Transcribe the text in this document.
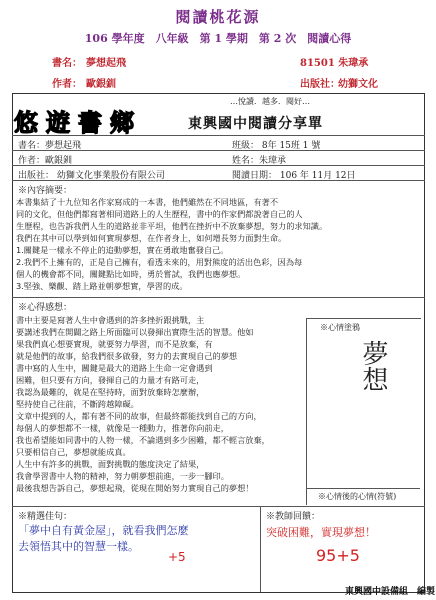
閱讀桃花源
106 學年度　八年級　第 1 學期　第 2 次　閱讀心得
書名： 夢想起飛	81501 朱瑋承
作者： 歐銀釧	出版社：
幼獅文化
…悅讀．越多．閱好…
悠遊書鄉	東興國中閱讀分享單
書名：夢想起飛	班級： 8年 15班 1 號
作者：歐銀釧	姓名：朱瑋承
出版社： 幼獅文化事業股份有限公司	閱讀日期： 106 年 11月 12日
※內容摘要：
本書集結了十九位知名作家寫成的一本書，他們雖然在不同地區，有著不
同的文化，但他們都寫著相同道路上的人生歷程，書中的作家們都說著自己的人
生歷程，也告訴我們人生的道路並非平坦，他們在挫折中不放棄夢想，努力的求知識。
我們在其中可以學到如何實現夢想，在作者身上，如何增長努力面對生命。
1.關鍵是一樣永不停止的追動夢想，實在勇敢地奮發自己。
2.我們不上擁有的，正是自己擁有，看透未來的，用對熊度的活出色彩，因為每
個人的機會都不同，關鍵點比如時，勇於嘗試，我們也應夢想。
3.堅強、樂觀、踏上路並朝夢想實，學習的成。
※心得感想：
書中主要是寫著人生中會遇到的許多挫折跟挑戰，主
要講述我們在開闢之路上所面臨可以發揮出實際生活的智慧。他如
果我們真心想要實現，就要努力學習，而不是放棄，有
就是他們的故事，給我們很多啟發，努力的去實現自己的夢想
書中寫的人生中，關鍵是最大的道路上生命一定會遇到
困難，但只要有方向，發揮自己的力量才有路可走，
我認為最難的，就是在堅持時，面對放棄時怎麼辦，
堅持使自己往前，不斷跨越障礙。
文章中提到的人，都有著不同的故事，但最終都能找到自己的方向，
每個人的夢想都不一樣，就像是一種動力，推著你向前走，
我也希望能如同書中的人物一樣，不論遇到多少困難，都不輕言放棄，
只要相信自己，夢想就能成真。
人生中有許多的挑戰，面對挑戰的態度決定了結果，
我會學習書中人物的精神，努力朝夢想前進，一步一腳印。
最後我想告訴自己，夢想起飛，從現在開始努力實現自己的夢想！
※心情塗鴉
夢想
※心情後的心情(符號)
※精選佳句：
「夢中自有黃金屋」，就看我們怎麼
去領悟其中的智慧一樣。
+5
※教師回饋：
突破困難，實現夢想！
95+5
東興國中設備組　編製
